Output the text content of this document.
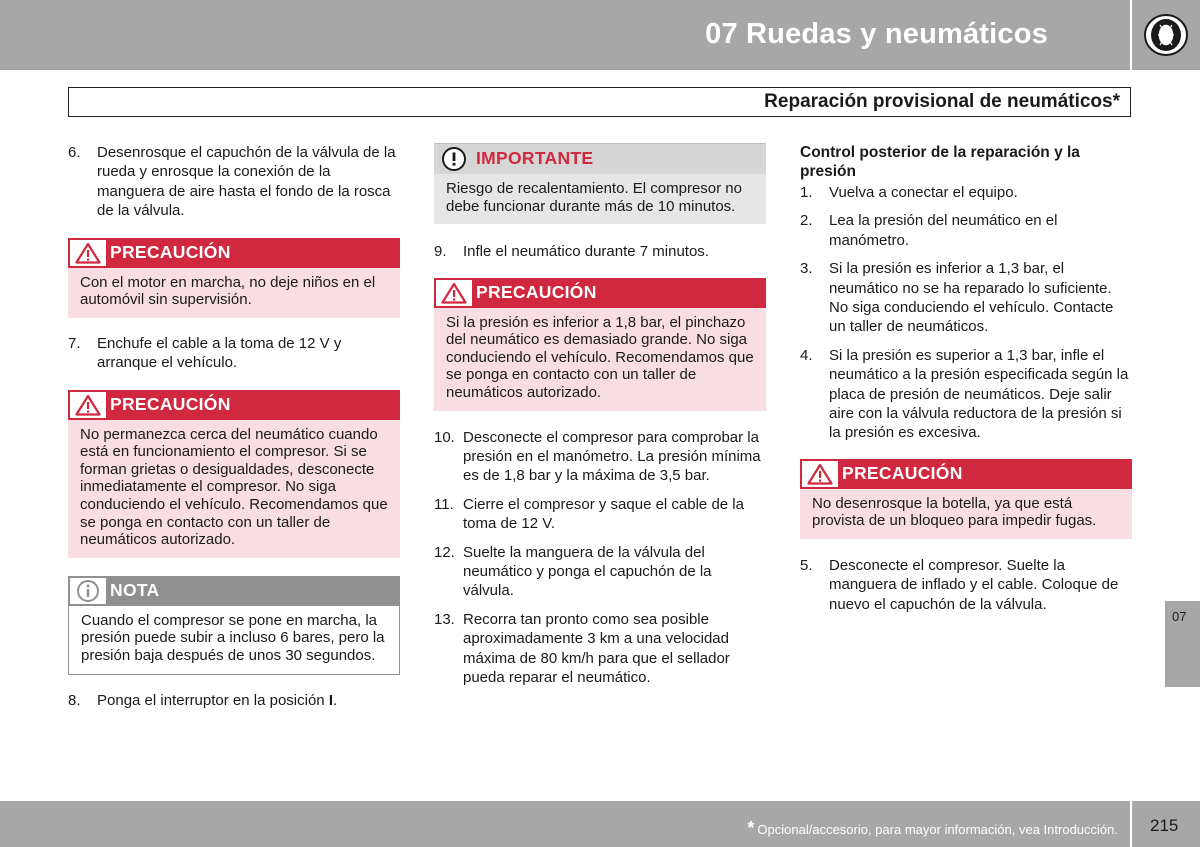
07 Ruedas y neumáticos
Reparación provisional de neumáticos*
6.	Desenrosque el capuchón de la válvula de la rueda y enrosque la conexión de la manguera de aire hasta el fondo de la rosca de la válvula.
PRECAUCIÓN
Con el motor en marcha, no deje niños en el automóvil sin supervisión.
7.	Enchufe el cable a la toma de 12 V y arranque el vehículo.
PRECAUCIÓN
No permanezca cerca del neumático cuando está en funcionamiento el compresor. Si se forman grietas o desigualdades, desconecte inmediatamente el compresor. No siga conduciendo el vehículo. Recomendamos que se ponga en contacto con un taller de neumáticos autorizado.
NOTA
Cuando el compresor se pone en marcha, la presión puede subir a incluso 6 bares, pero la presión baja después de unos 30 segundos.
8.	Ponga el interruptor en la posición I.
IMPORTANTE
Riesgo de recalentamiento. El compresor no debe funcionar durante más de 10 minutos.
9.	Infle el neumático durante 7 minutos.
PRECAUCIÓN
Si la presión es inferior a 1,8 bar, el pinchazo del neumático es demasiado grande. No siga conduciendo el vehículo. Recomendamos que se ponga en contacto con un taller de neumáticos autorizado.
10. Desconecte el compresor para comprobar la presión en el manómetro. La presión mínima es de 1,8 bar y la máxima de 3,5 bar.
11. Cierre el compresor y saque el cable de la toma de 12 V.
12. Suelte la manguera de la válvula del neumático y ponga el capuchón de la válvula.
13. Recorra tan pronto como sea posible aproximadamente 3 km a una velocidad máxima de 80 km/h para que el sellador pueda reparar el neumático.
Control posterior de la reparación y la presión
1.	Vuelva a conectar el equipo.
2.	Lea la presión del neumático en el manómetro.
3.	Si la presión es inferior a 1,3 bar, el neumático no se ha reparado lo suficiente. No siga conduciendo el vehículo. Contacte un taller de neumáticos.
4.	Si la presión es superior a 1,3 bar, infle el neumático a la presión especificada según la placa de presión de neumáticos. Deje salir aire con la válvula reductora de la presión si la presión es excesiva.
PRECAUCIÓN
No desenrosque la botella, ya que está provista de un bloqueo para impedir fugas.
5.	Desconecte el compresor. Suelte la manguera de inflado y el cable. Coloque de nuevo el capuchón de la válvula.
07
* Opcional/accesorio, para mayor información, vea Introducción. 215
